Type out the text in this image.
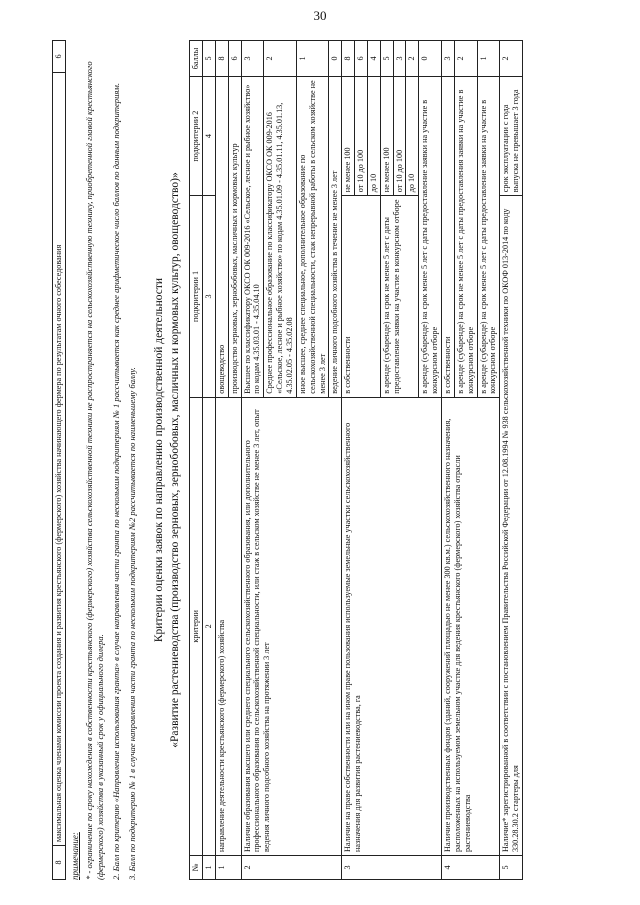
30
8	максимальная оценка членами комиссии проекта создания и развития крестьянского (фермерского) хозяйства начинающего фермера по результатам очного собеседования	6
примечание: * - ограничение по сроку нахождения в собственности крестьянского (фермерского) хозяйства сельскохозяйственной техники не распространяется на сельскохозяйственную технику, приобретенной главой крестьянского (фермерского) хозяйства в указанный срок у официального дилера. 2. Балл по критерию «Направление использования гранта» в случае направления части гранта по нескольким подкритериям № 1 рассчитывается как среднее арифметическое число баллов по данным подкритериям. 3. Балл по подкритерию № 1 в случае направления части гранта по нескольким подкритериям №2 рассчитывается по наименьшему баллу. Критерии оценки заявок по направлению производственной деятельности «Развитие растениеводства (производство зерновых, зернобобовых, масличных и кормовых культур, овощеводство)»
№	критерии	подкритерии 1	подкритерии 2	баллы
1	2	3	4	5
1	направление деятельности крестьянского (фермерского) хозяйства	овощеводство		8
		производство зерновых, зернобобовых, масличных и кормовых культур		6
2	Наличие образования высшего или среднего специального сельскохозяйственного образования, или дополнительного профессионального образования по сельскохозяйственной специальности, или стаж в сельском хозяйстве не менее 3 лет, опыт ведения личного подсобного хозяйства на протяжении 3 лет	Высшее по классификатору ОКСО ОК 009-2016 «Сельское, лесное и рыбное хозяйство» по кодам 4.35.03.01 - 4.35.04.10		3
		Среднее профессиональное образование по классификатору ОКСО ОК 009-2016 «Сельское, лесное и рыбное хозяйство» по кодам 4.35.01.09 - 4.35.01.11, 4.35.01.13, 4.35.02.05 - 4.35.02.08		2
		иное высшее, среднее специальное, дополнительное образование по сельскохозяйственной специальности, стаж непрерывной работы в сельском хозяйстве не менее 3 лет		1
		ведение личного подсобного хозяйства в течение не менее 3 лет		0
3	Наличие на праве собственности или на ином праве пользования используемые земельные участки сельскохозяйственного назначения для развития растениеводства, га	в собственности	не менее 100	8
			от 10 до 100	6
			до 10	4
		в аренде (субаренде) на срок не менее 5 лет с даты предоставление заявки на участие в конкурсном отборе	не менее 100	5
			от 10 до 100	3
			до 10	2
		в аренде (субаренде) на срок менее 5 лет с даты предоставление заявки на участие в конкурсном отборе		0
4	Наличие производственных фондов (зданий, сооружений площадью не менее 300 кв.м.) сельскохозяйственного назначения, расположенных на используемом земельном участке для ведения крестьянского (фермерского) хозяйства отрасли растениеводства	в собственности		3
		в аренде (субаренде) на срок не менее 5 лет с даты предоставления заявки на участие в конкурсном отборе		2
		в аренде (субаренде) на срок менее 5 лет с даты предоставление заявки на участие в конкурсном отборе		1
5	Наличие* зарегистрированной в соответствии с постановлением Правительства Российской Федерации от 12.08.1994 № 938 сельскохозяйственной техники по ОКОФ 013-2014 по коду 330.28.30.2 стартеры для		срок эксплуатации с года выпуска не превышает 3 года	2
